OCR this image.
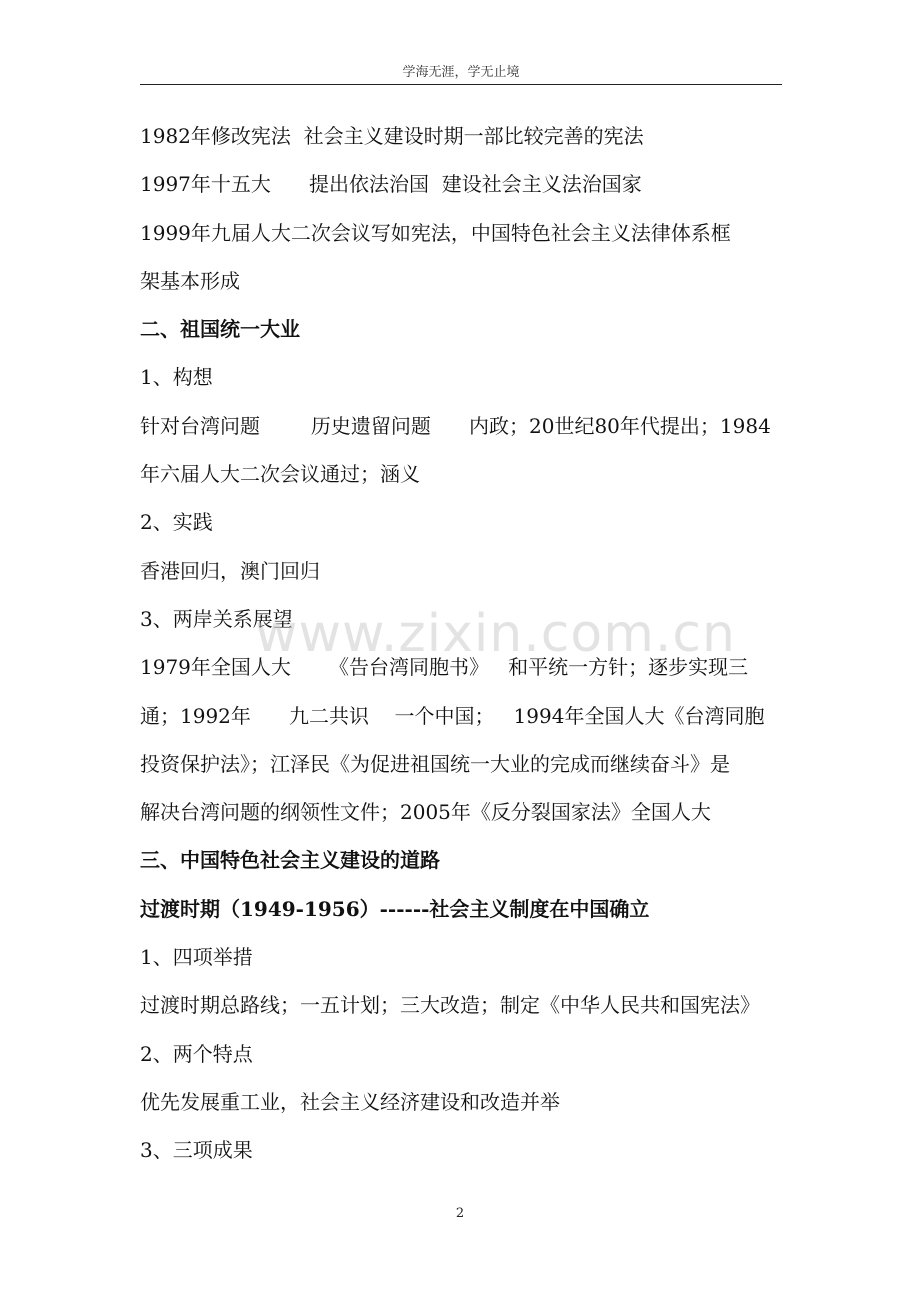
学海无涯，学无止境
1982年修改宪法  社会主义建设时期一部比较完善的宪法
1997年十五大      提出依法治国  建设社会主义法治国家
1999年九届人大二次会议写如宪法，中国特色社会主义法律体系框
架基本形成
二、祖国统一大业
1、构想
针对台湾问题        历史遗留问题      内政；20世纪80年代提出；1984
年六届人大二次会议通过；涵义
2、实践
香港回归，澳门回归
3、两岸关系展望
1979年全国人大      《告台湾同胞书》   和平统一方针；逐步实现三
通；1992年      九二共识    一个中国；   1994年全国人大《台湾同胞
投资保护法》；江泽民《为促进祖国统一大业的完成而继续奋斗》是
解决台湾问题的纲领性文件；2005年《反分裂国家法》全国人大
三、中国特色社会主义建设的道路
过渡时期（1949-1956）------社会主义制度在中国确立
1、四项举措
过渡时期总路线；一五计划；三大改造；制定《中华人民共和国宪法》
2、两个特点
优先发展重工业，社会主义经济建设和改造并举
3、三项成果
www.zixin.com.cn
2
